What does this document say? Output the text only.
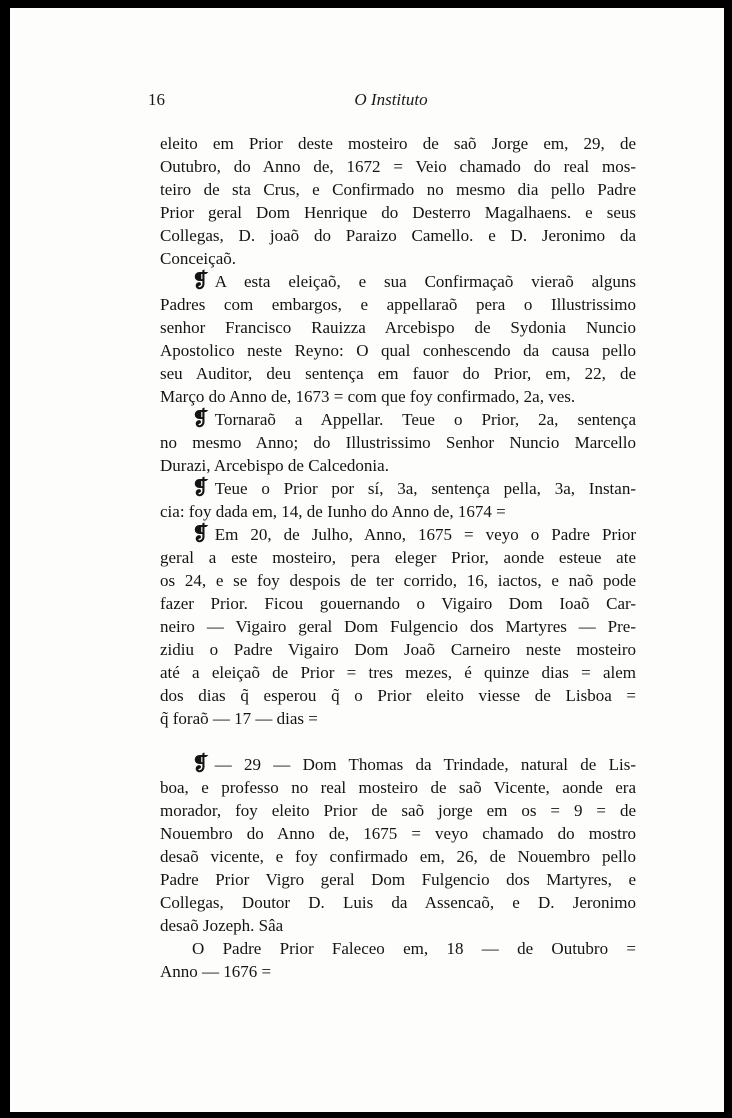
16	O Instituto
eleito em Prior deste mosteiro de saõ Jorge em, 29, de
Outubro, do Anno de, 1672 = Veio chamado do real mos-
teiro de sta Crus, e Confirmado no mesmo dia pello Padre
Prior geral Dom Henrique do Desterro Magalhaens. e seus
Collegas, D. joaõ do Paraizo Camello. e D. Jeronimo da
Conceiçaõ.
❡ A esta eleiçaõ, e sua Confirmaçaõ vieraõ alguns
Padres com embargos, e appellaraõ pera o Illustrissimo
senhor Francisco Rauizza Arcebispo de Sydonia Nuncio
Apostolico neste Reyno: O qual conhescendo da causa pello
seu Auditor, deu sentença em fauor do Prior, em, 22, de
Março do Anno de, 1673 = com que foy confirmado, 2a, ves.
❡ Tornaraõ a Appellar. Teue o Prior, 2a, sentença
no mesmo Anno; do Illustrissimo Senhor Nuncio Marcello
Durazi, Arcebispo de Calcedonia.
❡ Teue o Prior por sí, 3a, sentença pella, 3a, Instan-
cia: foy dada em, 14, de Iunho do Anno de, 1674 =
❡ Em 20, de Julho, Anno, 1675 = veyo o Padre Prior
geral a este mosteiro, pera eleger Prior, aonde esteue ate
os 24, e se foy despois de ter corrido, 16, iactos, e naõ pode
fazer Prior. Ficou gouernando o Vigairo Dom Ioaõ Car-
neiro — Vigairo geral Dom Fulgencio dos Martyres — Pre-
zidiu o Padre Vigairo Dom Joaõ Carneiro neste mosteiro
até a eleiçaõ de Prior = tres mezes, é quinze dias = alem
dos dias q̃ esperou q̃ o Prior eleito viesse de Lisboa =
q̃ foraõ — 17 — dias =
❡ — 29 — Dom Thomas da Trindade, natural de Lis-
boa, e professo no real mosteiro de saõ Vicente, aonde era
morador, foy eleito Prior de saõ jorge em os = 9 = de
Nouembro do Anno de, 1675 = veyo chamado do mostro
desaõ vicente, e foy confirmado em, 26, de Nouembro pello
Padre Prior Vigro geral Dom Fulgencio dos Martyres, e
Collegas, Doutor D. Luis da Assencaõ, e D. Jeronimo
desaõ Jozeph. Sâa
O Padre Prior Faleceo em, 18 — de Outubro =
Anno — 1676 =
